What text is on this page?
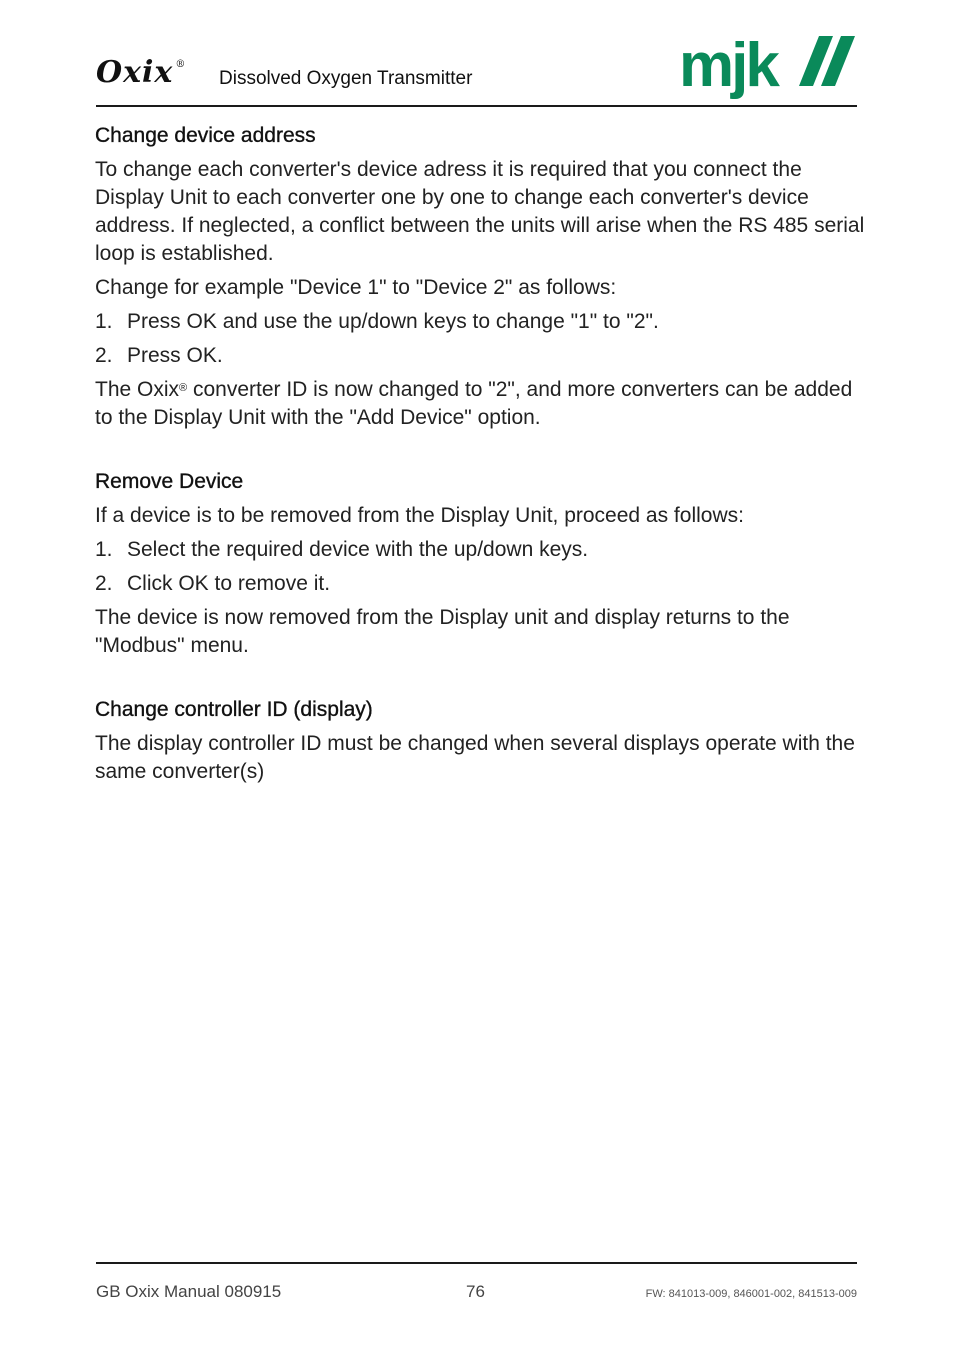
Oxix ®
Dissolved Oxygen Transmitter	mjk
Change device address

To change each converter's device adress it is required that you connect the Display Unit to each converter one by one to change each converter's device address. If neglected, a conflict between the units will arise when the RS 485 serial loop is established.

Change for example "Device 1" to "Device 2" as follows:

1. Press OK and use the up/down keys to change "1" to "2".
2. Press OK.

The Oxix® converter ID is now changed to "2", and more converters can be added to the Display Unit with the "Add Device" option.

Remove Device

If a device is to be removed from the Display Unit, proceed as follows:

1. Select the required device with the up/down keys.
2. Click OK to remove it.

The device is now removed from the Display unit and display returns to the "Modbus" menu.

Change controller ID (display)

The display controller ID must be changed when several displays operate with the same converter(s)

GB Oxix Manual 080915	76	FW: 841013-009, 846001-002, 841513-009
